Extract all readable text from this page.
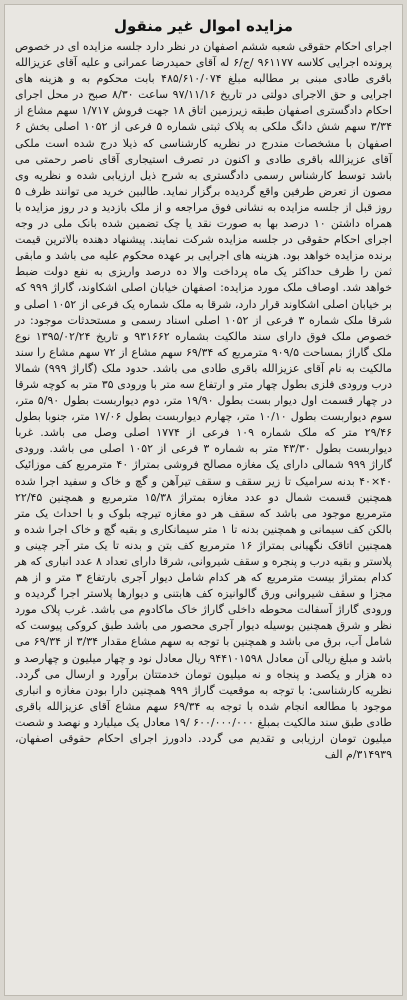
مزایده اموال غیر منقول

اجرای احکام حقوقی شعبه ششم اصفهان در نظر دارد جلسه مزایده ای در خصوص پرونده اجرایی کلاسه ۹۶۱۱۷۷ /ج/۶ له آقای حمیدرضا عمرانی و علیه آقای عزیزالله باقری طادی مبنی بر مطالبه مبلغ ۴۸۵/۶۱۰/۰۷۴ بابت محکوم به و هزینه های اجرایی و حق الاجرای دولتی در تاریخ ۹۷/۱۱/۱۶ ساعت ۸/۳۰ صبح در محل اجرای احکام دادگستری اصفهان طبقه زیرزمین اتاق ۱۸ جهت فروش ۱/۷۱۷ سهم مشاع از ۳/۳۴ سهم شش دانگ ملکی به پلاک ثبتی شماره ۵ فرعی از ۱۰۵۲ اصلی بخش ۶ اصفهان با مشخصات مندرج در نظریه کارشناسی که ذیلا درج شده است ملکی آقای عزیزالله باقری طادی و اکنون در تصرف استیجاری آقای ناصر رحمتی می باشد توسط کارشناس رسمی دادگستری به شرح ذیل ارزیابی شده و نظریه وی مصون از تعرض طرفین واقع گردیده برگزار نماید. طالبین خرید می توانند ظرف ۵ روز قبل از جلسه مزایده به نشانی فوق مراجعه و از ملک بازدید و در روز مزایده با همراه داشتن ۱۰ درصد بها به صورت نقد یا چک تضمین شده بانک ملی در وجه اجرای احکام حقوقی در جلسه مزایده شرکت نمایند. پیشنهاد دهنده بالاترین قیمت برنده مزایده خواهد بود. هزینه های اجرایی بر عهده محکوم علیه می باشد و مابقی ثمن را ظرف حداکثر یک ماه پرداخت والا ده درصد واریزی به نفع دولت ضبط خواهد شد. اوصاف ملک مورد مزایده: اصفهان خیابان اصلی اشکاوند، گاراژ ۹۹۹ که بر خیابان اصلی اشکاوند قرار دارد، شرقا به ملک شماره یک فرعی از ۱۰۵۲ اصلی و شرقا ملک شماره ۳ فرعی از ۱۰۵۲ اصلی اسناد رسمی و مستحدثات موجود: در خصوص ملک فوق دارای سند مالکیت بشماره ۹۳۱۶۶۲ و تاریخ ۱۳۹۵/۰۲/۲۴ نوع ملک گاراژ بمساحت ۹۰۹/۵ مترمربع که ۶۹/۳۴ سهم مشاع از ۷۲ سهم مشاع را سند مالکیت به نام آقای عزیزالله باقری طادی می باشد. حدود ملک (گاراژ ۹۹۹) شمالا درب ورودی فلزی بطول چهار متر و ارتفاع سه متر با ورودی ۳۵ متر به کوچه شرقا در چهار قسمت اول دیوار بست بطول ۱۹/۹۰ متر، دوم دیواربست بطول ۵/۹۰ متر، سوم دیواربست بطول ۱۰/۱۰ متر، چهارم دیواربست بطول ۱۷/۰۶ متر، جنوبا بطول ۲۹/۴۶ متر که ملک شماره ۱۰۹ فرعی از ۱۷۷۴ اصلی وصل می باشد. غربا دیواربست بطول ۴۳/۳۰ متر به شماره ۳ فرعی از ۱۰۵۲ اصلی می باشد. ورودی گاراژ ۹۹۹ شمالی دارای یک مغازه مصالح فروشی بمتراژ ۴۰ مترمربع کف موزائیک ۴۰×۴۰ بدنه سرامیک تا زیر سقف و سقف تیرآهن و گچ و خاک و سفید اجرا شده همچنین قسمت شمال دو عدد مغازه بمتراژ ۱۵/۳۸ مترمربع و همچنین ۲۲/۴۵ مترمربع موجود می باشد که سقف هر دو مغازه تیرچه بلوک و با احداث یک متر بالکن کف سیمانی و همچنین بدنه تا ۱ متر سیمانکاری و بقیه گچ و خاک اجرا شده و همچنین اتاقک نگهبانی بمتراژ ۱۶ مترمربع کف بتن و بدنه تا یک متر آجر چینی و پلاستر و بقیه درب و پنجره و سقف شیروانی، شرقا دارای تعداد ۸ عدد انباری که هر کدام بمتراژ بیست مترمربع که هر کدام شامل دیوار آجری بارتفاع ۳ متر و از هم مجزا و سقف شیروانی ورق گالوانیزه کف هابتنی و دیوارها پلاستر اجرا گردیده و ورودی گاراژ آسفالت محوطه داخلی گاراژ خاک ماکادوم می باشد. غرب پلاک مورد نظر و شرق همچنین بوسیله دیوار آجری محصور می باشد طبق کروکی پیوست که شامل آب، برق می باشد و همچنین با توجه به سهم مشاع مقدار ۳/۳۴ از ۶۹/۳۴ می باشد و مبلغ ریالی آن معادل ۹۴۴۱۰۱۵۹۸ ریال معادل نود و چهار میلیون و چهارصد و ده هزار و یکصد و پنجاه و نه میلیون تومان خدمتتان برآورد و ارسال می گردد. نظریه کارشناسی: با توجه به موقعیت گاراژ ۹۹۹ همچنین دارا بودن مغازه و انباری موجود با مطالعه انجام شده با توجه به ۶۹/۳۴ سهم مشاع آقای عزیزالله باقری طادی طبق سند مالکیت بمبلغ ۶۰۰/۰۰۰/۰۰۰ /۱۹ معادل یک میلیارد و نهصد و شصت میلیون تومان ارزیابی و تقدیم می گردد. دادورز اجرای احکام حقوقی اصفهان، ۳۱۴۹۳۹/م الف
